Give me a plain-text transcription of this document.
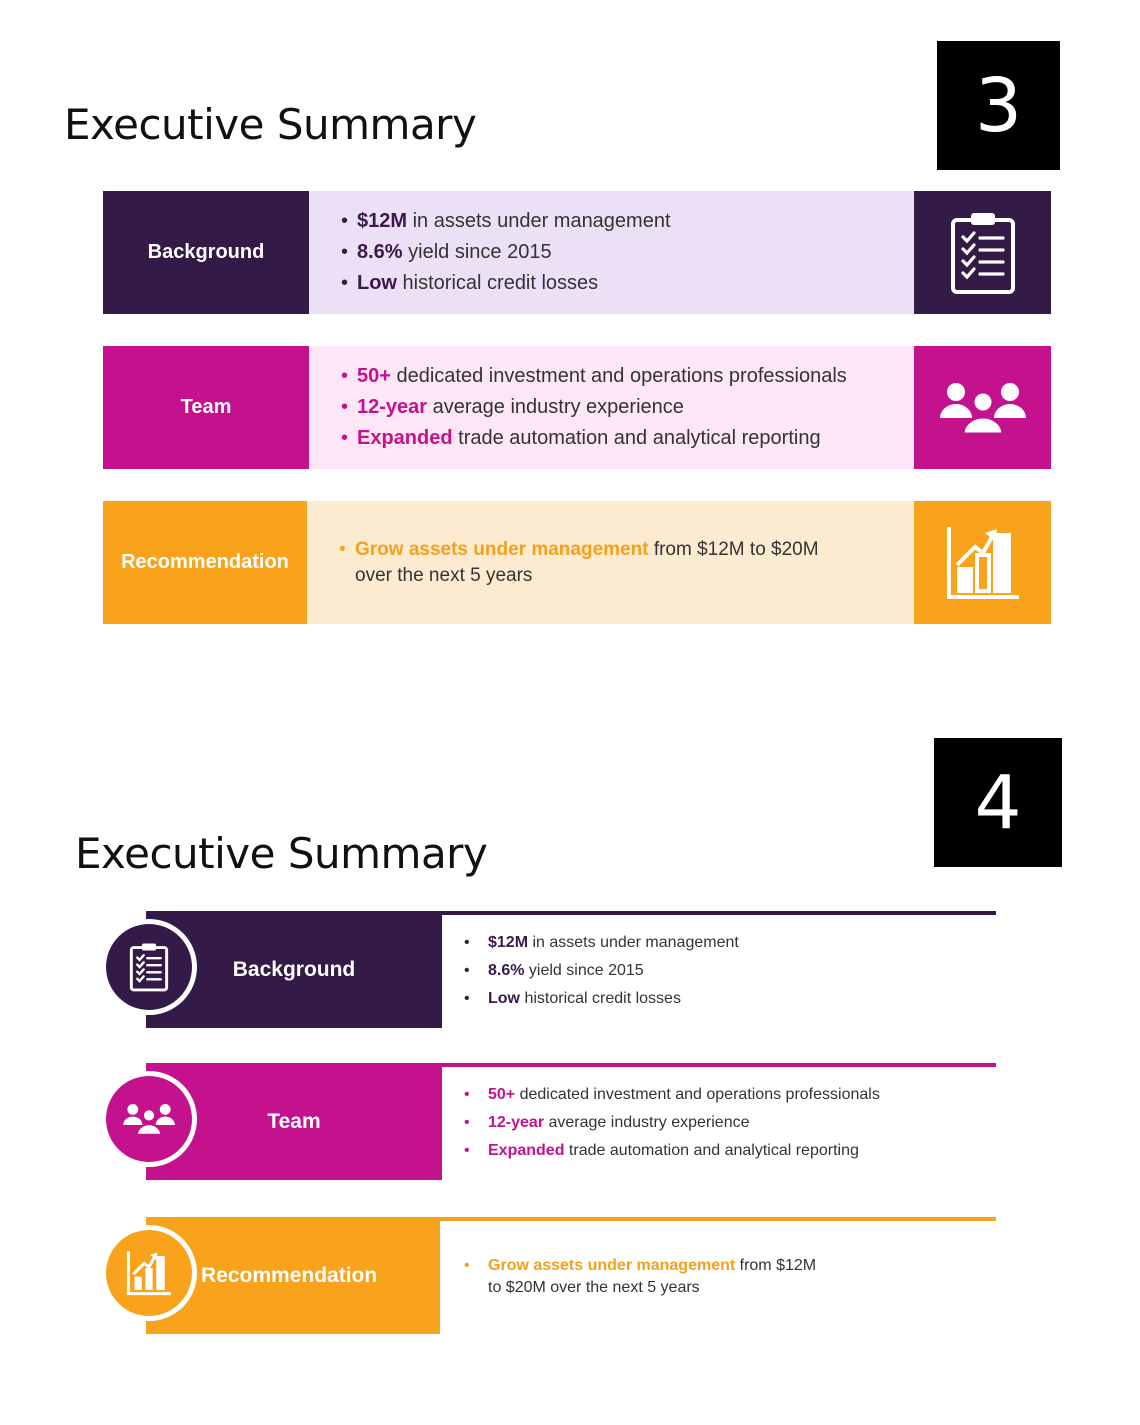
Executive Summary	3
Background
• $12M in assets under management
• 8.6% yield since 2015
• Low historical credit losses
Team
• 50+ dedicated investment and operations professionals
• 12-year average industry experience
• Expanded trade automation and analytical reporting
Recommendation
• Grow assets under management from $12M to $20M
over the next 5 years
Executive Summary
4
Background
•	$12M in assets under management
•	8.6% yield since 2015
•	Low historical credit losses
Team
•	50+ dedicated investment and operations professionals
•	12-year average industry experience
•	Expanded trade automation and analytical reporting
Recommendation	•	Grow assets under management from $12M
to $20M over the next 5 years
